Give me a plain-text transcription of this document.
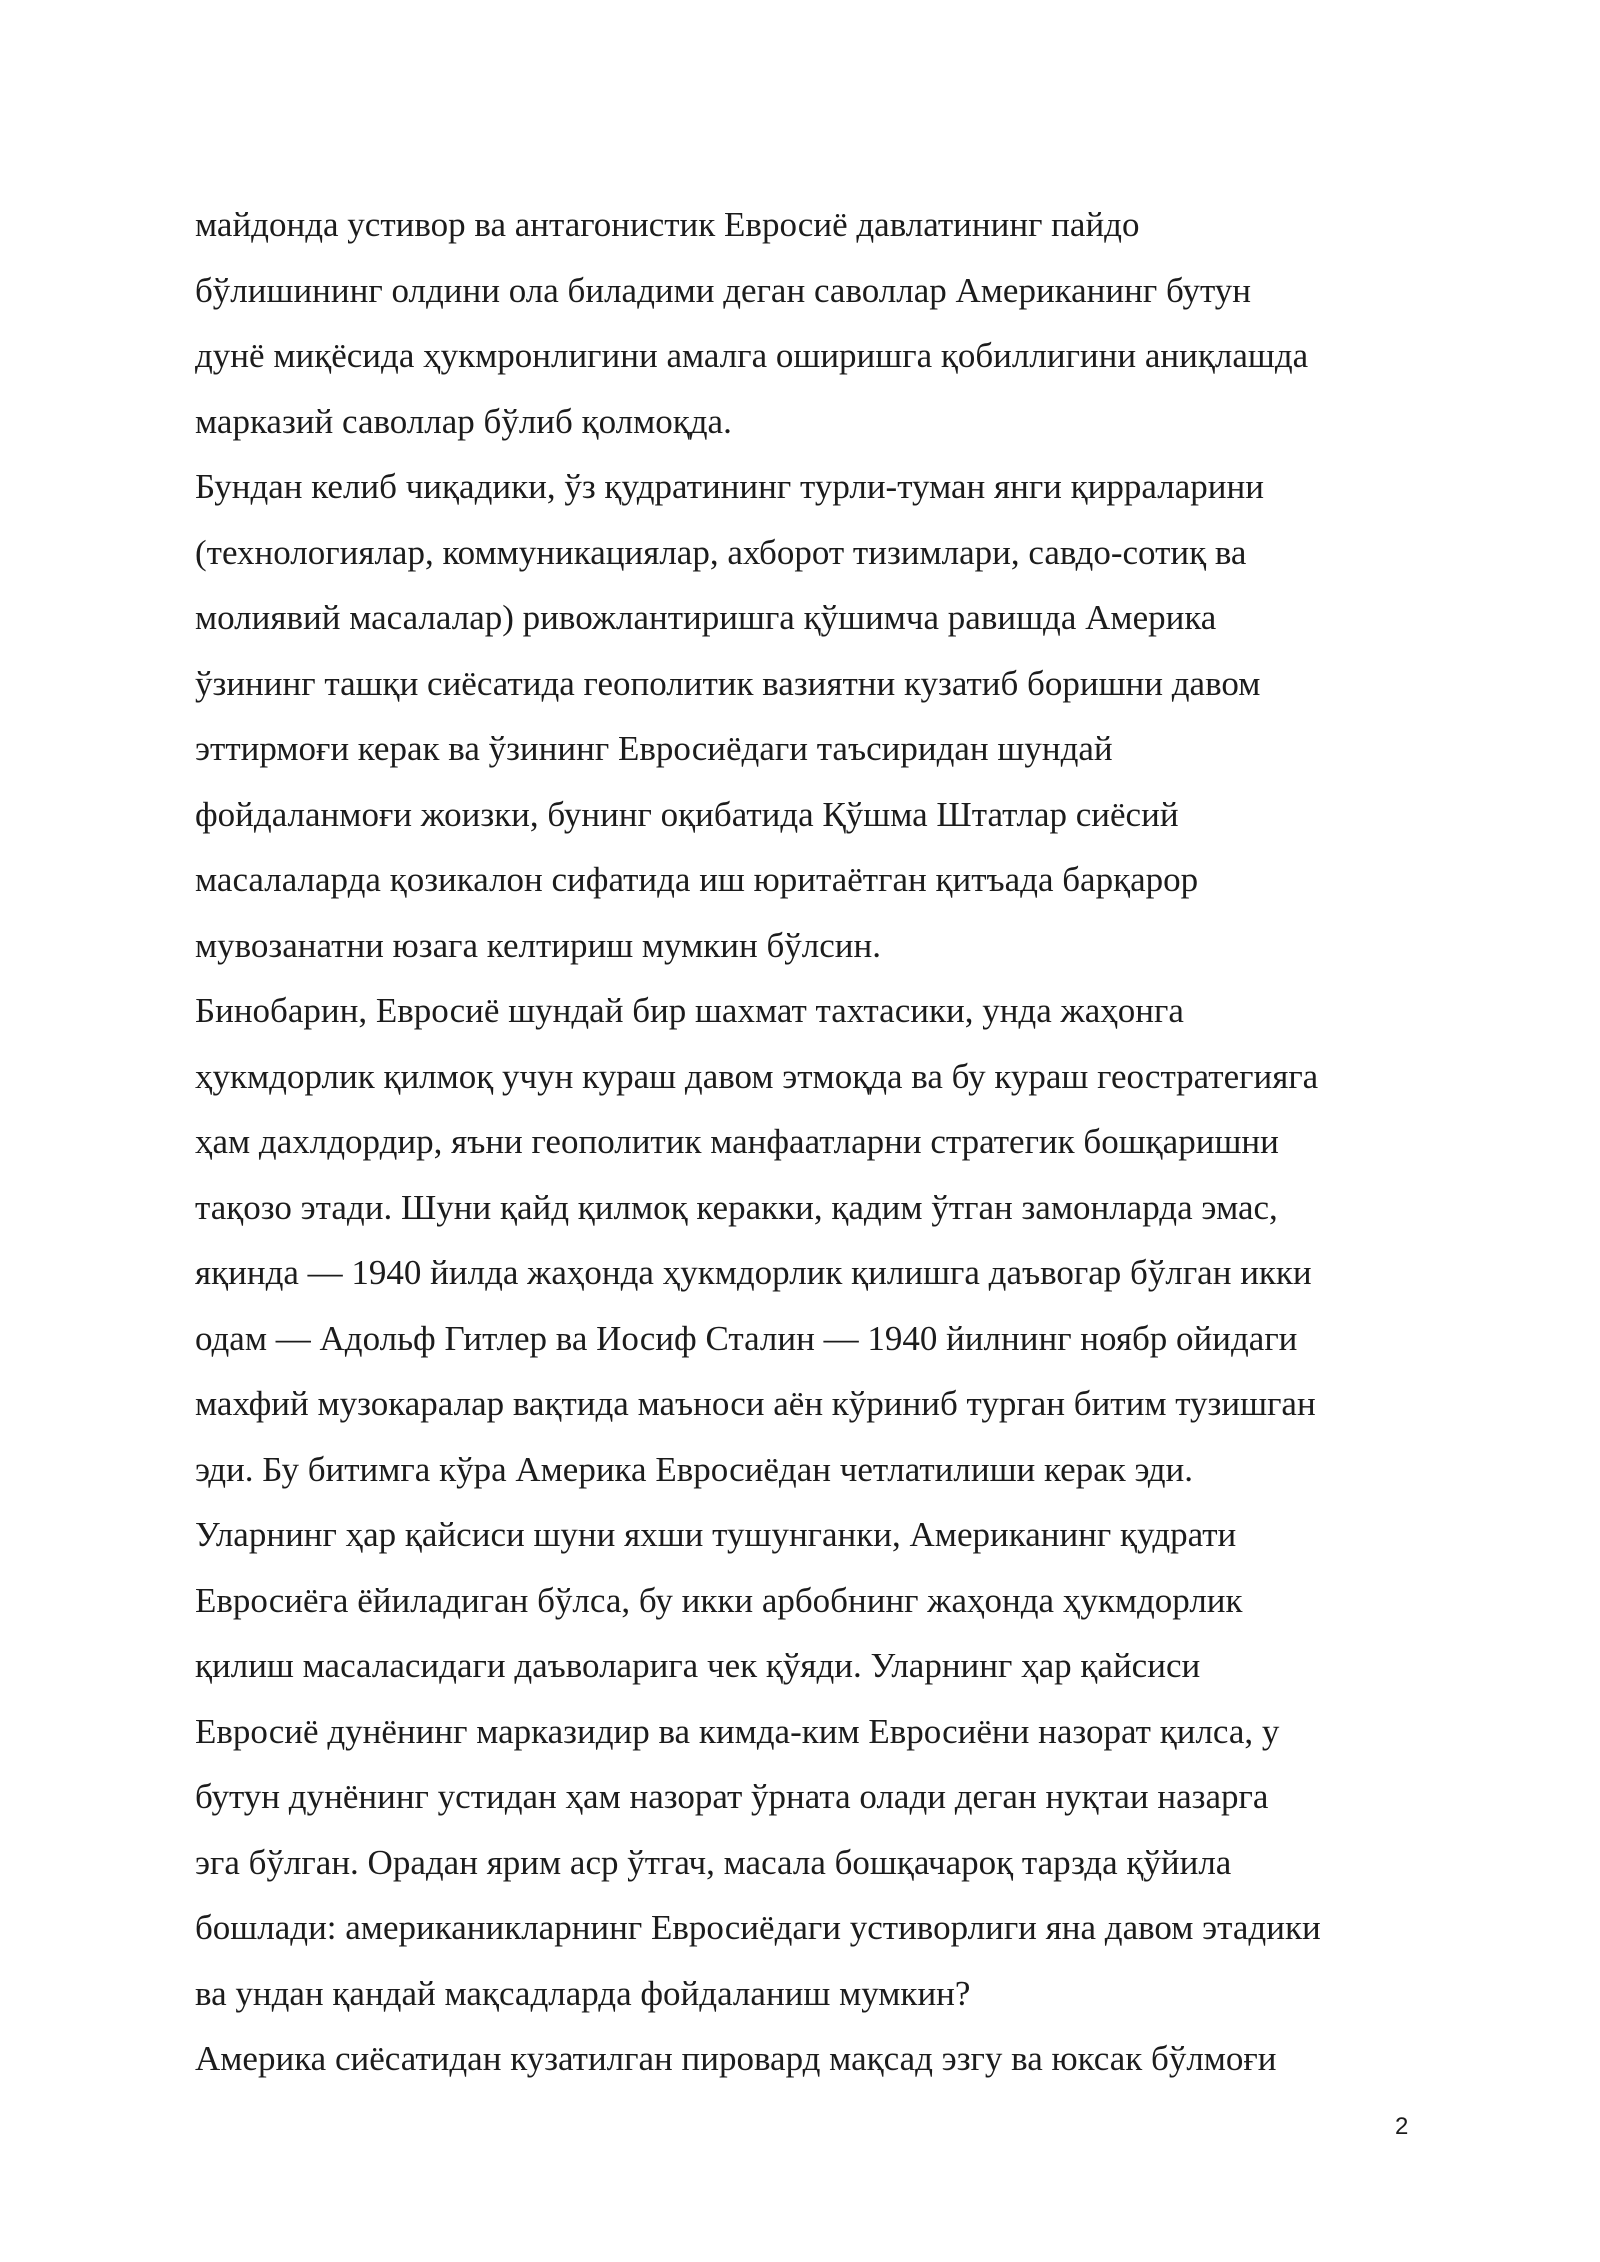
майдонда устивор ва антагонистик Евросиё давлатининг пайдо
бўлишининг олдини ола биладими деган саволлар Американинг бутун
дунё миқёсида ҳукмронлигини амалга оширишга қобиллигини аниқлашда
марказий саволлар бўлиб қолмоқда.
Бундан келиб чиқадики, ўз қудратининг турли-туман янги қирраларини
(технологиялар, коммуникациялар, ахборот тизимлари, савдо-сотиқ ва
молиявий масалалар) ривожлантиришга қўшимча равишда Америка
ўзининг ташқи сиёсатида геополитик вазиятни кузатиб боришни давом
эттирмоғи керак ва ўзининг Евросиёдаги таъсиридан шундай
фойдаланмоғи жоизки, бунинг оқибатида Қўшма Штатлар сиёсий
масалаларда қозикалон сифатида иш юритаётган қитъада барқарор
мувозанатни юзага келтириш мумкин бўлсин.
Бинобарин, Евросиё шундай бир шахмат тахтасики, унда жаҳонга
ҳукмдорлик қилмоқ учун кураш давом этмоқда ва бу кураш геостратегияга
ҳам дахлдордир, яъни геополитик манфаатларни стратегик бошқаришни
тақозо этади. Шуни қайд қилмоқ керакки, қадим ўтган замонларда эмас,
яқинда — 1940 йилда жаҳонда ҳукмдорлик қилишга даъвогар бўлган икки
одам — Адольф Гитлер ва Иосиф Сталин — 1940 йилнинг ноябр ойидаги
махфий музокаралар вақтида маъноси аён кўриниб турган битим тузишган
эди. Бу битимга кўра Америка Евросиёдан четлатилиши керак эди.
Уларнинг ҳар қайсиси шуни яхши тушунганки, Американинг қудрати
Евросиёга ёйиладиган бўлса, бу икки арбобнинг жаҳонда ҳукмдорлик
қилиш масаласидаги даъволарига чек қўяди. Уларнинг ҳар қайсиси
Евросиё дунёнинг марказидир ва кимда-ким Евросиёни назорат қилса, у
бутун дунёнинг устидан ҳам назорат ўрната олади деган нуқтаи назарга
эга бўлган. Орадан ярим аср ўтгач, масала бошқачароқ тарзда қўйила
бошлади: американикларнинг Евросиёдаги устиворлиги яна давом этадики
ва ундан қандай мақсадларда фойдаланиш мумкин?
Америка сиёсатидан кузатилган пировард мақсад эзгу ва юксак бўлмоғи
2
